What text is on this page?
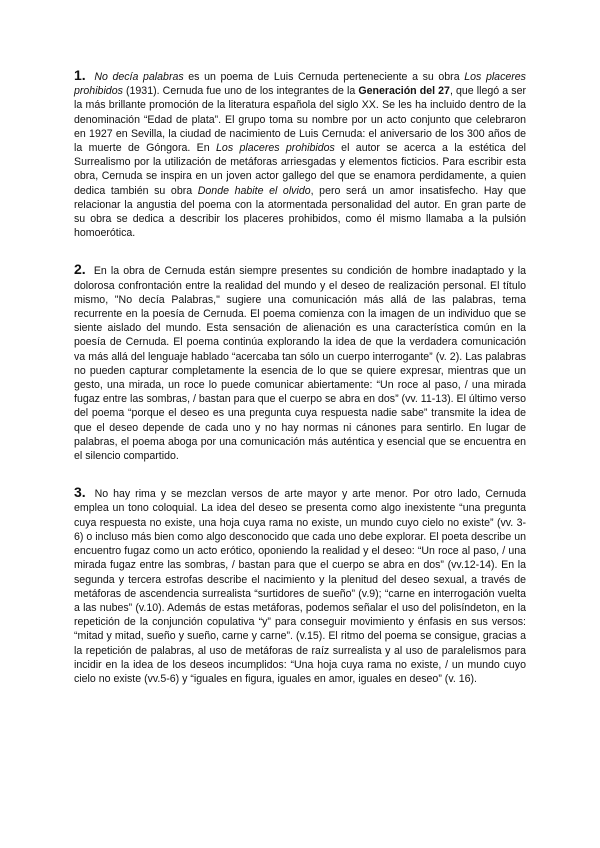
1. No decía palabras es un poema de Luis Cernuda perteneciente a su obra Los placeres prohibidos (1931). Cernuda fue uno de los integrantes de la Generación del 27, que llegó a ser la más brillante promoción de la literatura española del siglo XX. Se les ha incluido dentro de la denominación “Edad de plata”. El grupo toma su nombre por un acto conjunto que celebraron en 1927 en Sevilla, la ciudad de nacimiento de Luis Cernuda: el aniversario de los 300 años de la muerte de Góngora. En Los placeres prohibidos el autor se acerca a la estética del Surrealismo por la utilización de metáforas arriesgadas y elementos ficticios. Para escribir esta obra, Cernuda se inspira en un joven actor gallego del que se enamora perdidamente, a quien dedica también su obra Donde habite el olvido, pero será un amor insatisfecho. Hay que relacionar la angustia del poema con la atormentada personalidad del autor. En gran parte de su obra se dedica a describir los placeres prohibidos, como él mismo llamaba a la pulsión homoerótica.

2. En la obra de Cernuda están siempre presentes su condición de hombre inadaptado y la dolorosa confrontación entre la realidad del mundo y el deseo de realización personal. El título mismo, "No decía Palabras," sugiere una comunicación más allá de las palabras, tema recurrente en la poesía de Cernuda. El poema comienza con la imagen de un individuo que se siente aislado del mundo. Esta sensación de alienación es una característica común en la poesía de Cernuda. El poema continúa explorando la idea de que la verdadera comunicación va más allá del lenguaje hablado “acercaba tan sólo un cuerpo interrogante” (v. 2). Las palabras no pueden capturar completamente la esencia de lo que se quiere expresar, mientras que un gesto, una mirada, un roce lo puede comunicar abiertamente: “Un roce al paso, / una mirada fugaz entre las sombras, / bastan para que el cuerpo se abra en dos” (vv. 11-13). El último verso del poema “porque el deseo es una pregunta cuya respuesta nadie sabe” transmite la idea de que el deseo depende de cada uno y no hay normas ni cánones para sentirlo. En lugar de palabras, el poema aboga por una comunicación más auténtica y esencial que se encuentra en el silencio compartido.

3. No hay rima y se mezclan versos de arte mayor y arte menor. Por otro lado, Cernuda emplea un tono coloquial. La idea del deseo se presenta como algo inexistente “una pregunta cuya respuesta no existe, una hoja cuya rama no existe, un mundo cuyo cielo no existe” (vv. 3-6) o incluso más bien como algo desconocido que cada uno debe explorar. El poeta describe un encuentro fugaz como un acto erótico, oponiendo la realidad y el deseo: “Un roce al paso, / una mirada fugaz entre las sombras, / bastan para que el cuerpo se abra en dos” (vv.12-14). En la segunda y tercera estrofas describe el nacimiento y la plenitud del deseo sexual, a través de metáforas de ascendencia surrealista “surtidores de sueño” (v.9); “carne en interrogación vuelta a las nubes” (v.10). Además de estas metáforas, podemos señalar el uso del polisíndeton, en la repetición de la conjunción copulativa “y” para conseguir movimiento y énfasis en sus versos: “mitad y mitad, sueño y sueño, carne y carne”. (v.15). El ritmo del poema se consigue, gracias a la repetición de palabras, al uso de metáforas de raíz surrealista y al uso de paralelismos para incidir en la idea de los deseos incumplidos: “Una hoja cuya rama no existe, / un mundo cuyo cielo no existe (vv.5-6) y “iguales en figura, iguales en amor, iguales en deseo” (v. 16).
